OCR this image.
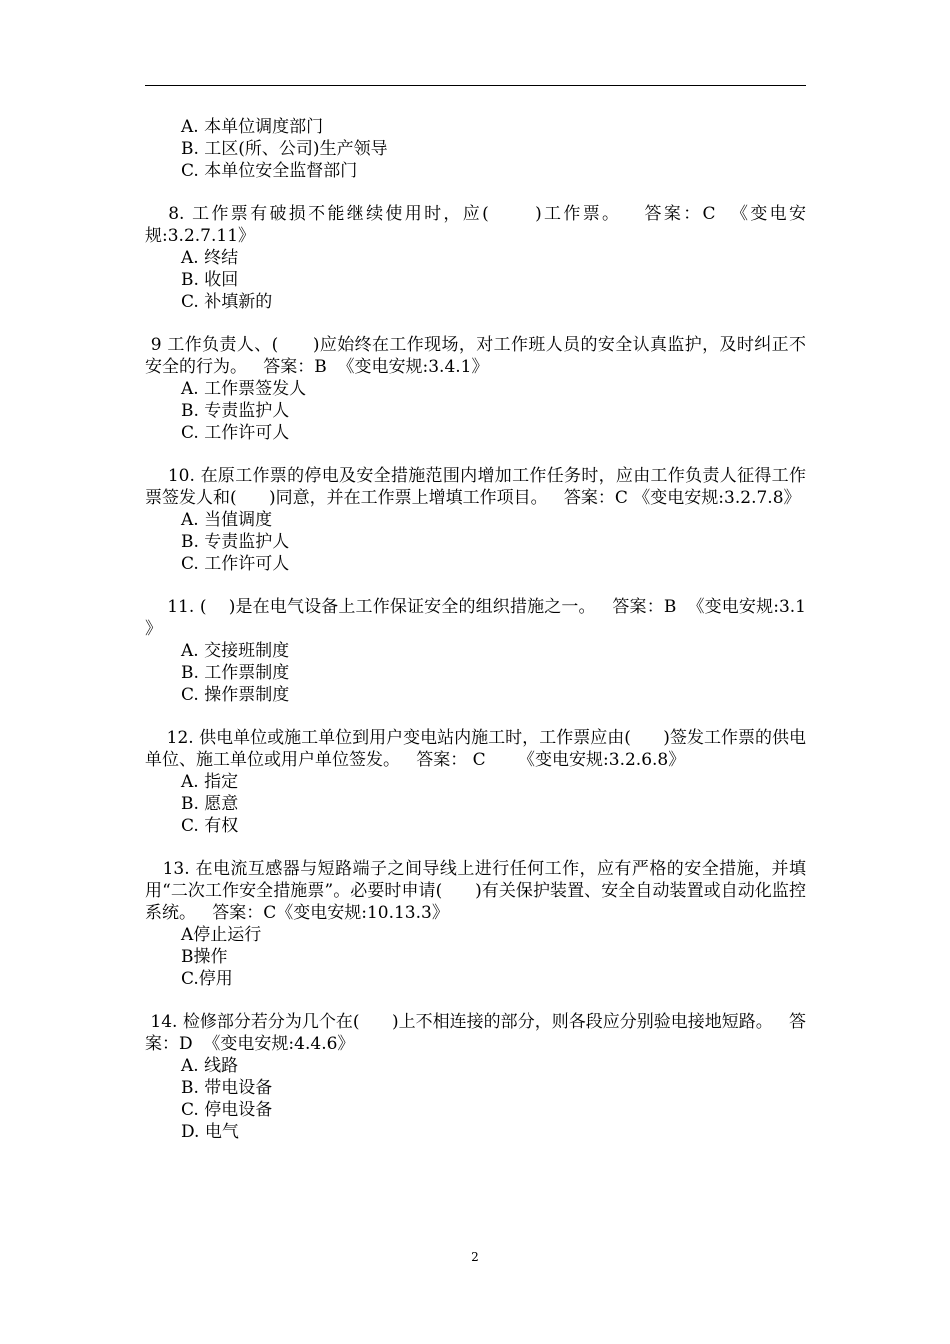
A. 本单位调度部门

B. 工区(所、公司)生产领导

C. 本单位安全监督部门

8. 工作票有破损不能继续使用时，应(      )工作票。   答案：C  《变电安规:3.2.7.11》

A. 终结

B. 收回

C. 补填新的

9 工作负责人、(      )应始终在工作现场，对工作班人员的安全认真监护，及时纠正不安全的行为。   答案：B  《变电安规:3.4.1》

A. 工作票签发人

B. 专责监护人

C. 工作许可人

10. 在原工作票的停电及安全措施范围内增加工作任务时，应由工作负责人征得工作票签发人和(      )同意，并在工作票上增填工作项目。   答案：C 《变电安规:3.2.7.8》

A. 当值调度

B. 专责监护人

C. 工作许可人

11. (    )是在电气设备上工作保证安全的组织措施之一。   答案：B  《变电安规:3.1 》

A. 交接班制度

B. 工作票制度

C. 操作票制度

12. 供电单位或施工单位到用户变电站内施工时，工作票应由(      )签发工作票的供电单位、施工单位或用户单位签发。   答案： C      《变电安规:3.2.6.8》

A. 指定

B. 愿意

C. 有权

13. 在电流互感器与短路端子之间导线上进行任何工作，应有严格的安全措施，并填用“二次工作安全措施票”。必要时申请(      )有关保护装置、安全自动装置或自动化监控系统。   答案：C《变电安规:10.13.3》

A停止运行

B操作

C.停用

14. 检修部分若分为几个在(      )上不相连接的部分，则各段应分别验电接地短路。   答案：D  《变电安规:4.4.6》

A. 线路

B. 带电设备

C. 停电设备

D. 电气

2
